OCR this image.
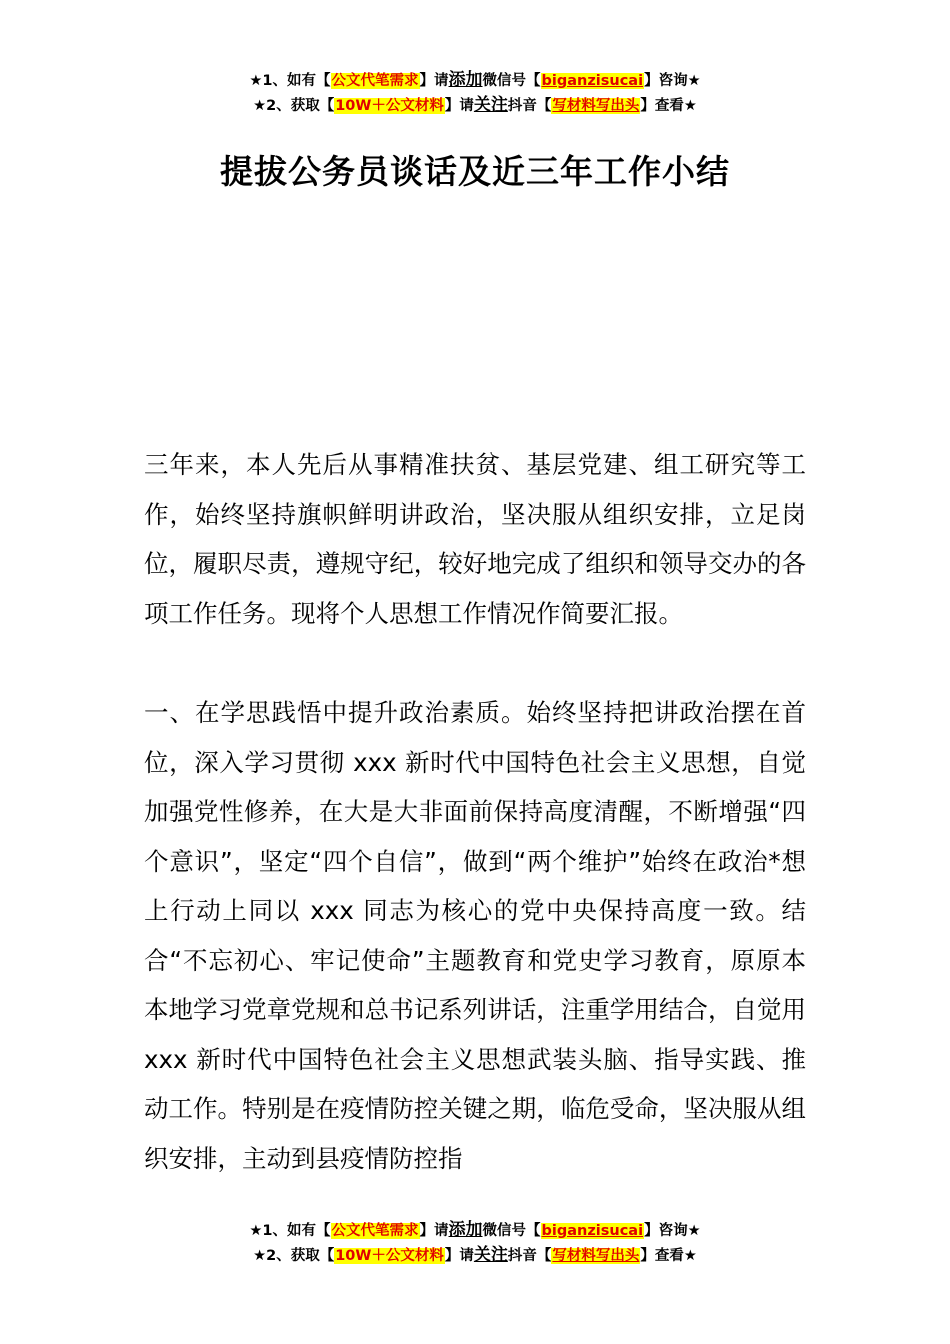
★1、如有【公文代笔需求】请添加微信号【biganzisucai】咨询★
★2、获取【10W＋公文材料】请关注抖音【写材料写出头】查看★
提拔公务员谈话及近三年工作小结
三年来，本人先后从事精准扶贫、基层党建、组工研究等工作，始终坚持旗帜鲜明讲政治，坚决服从组织安排，立足岗位，履职尽责，遵规守纪，较好地完成了组织和领导交办的各项工作任务。现将个人思想工作情况作简要汇报。
一、在学思践悟中提升政治素质。始终坚持把讲政治摆在首位，深入学习贯彻 xxx 新时代中国特色社会主义思想，自觉加强党性修养，在大是大非面前保持高度清醒，不断增强“四个意识”，坚定“四个自信”，做到“两个维护”始终在政治*想上行动上同以 xxx 同志为核心的党中央保持高度一致。结合“不忘初心、牢记使命”主题教育和党史学习教育，原原本本地学习党章党规和总书记系列讲话，注重学用结合，自觉用 xxx 新时代中国特色社会主义思想武装头脑、指导实践、推动工作。特别是在疫情防控关键之期，临危受命，坚决服从组织安排，主动到县疫情防控指
★1、如有【公文代笔需求】请添加微信号【biganzisucai】咨询★
★2、获取【10W＋公文材料】请关注抖音【写材料写出头】查看★
